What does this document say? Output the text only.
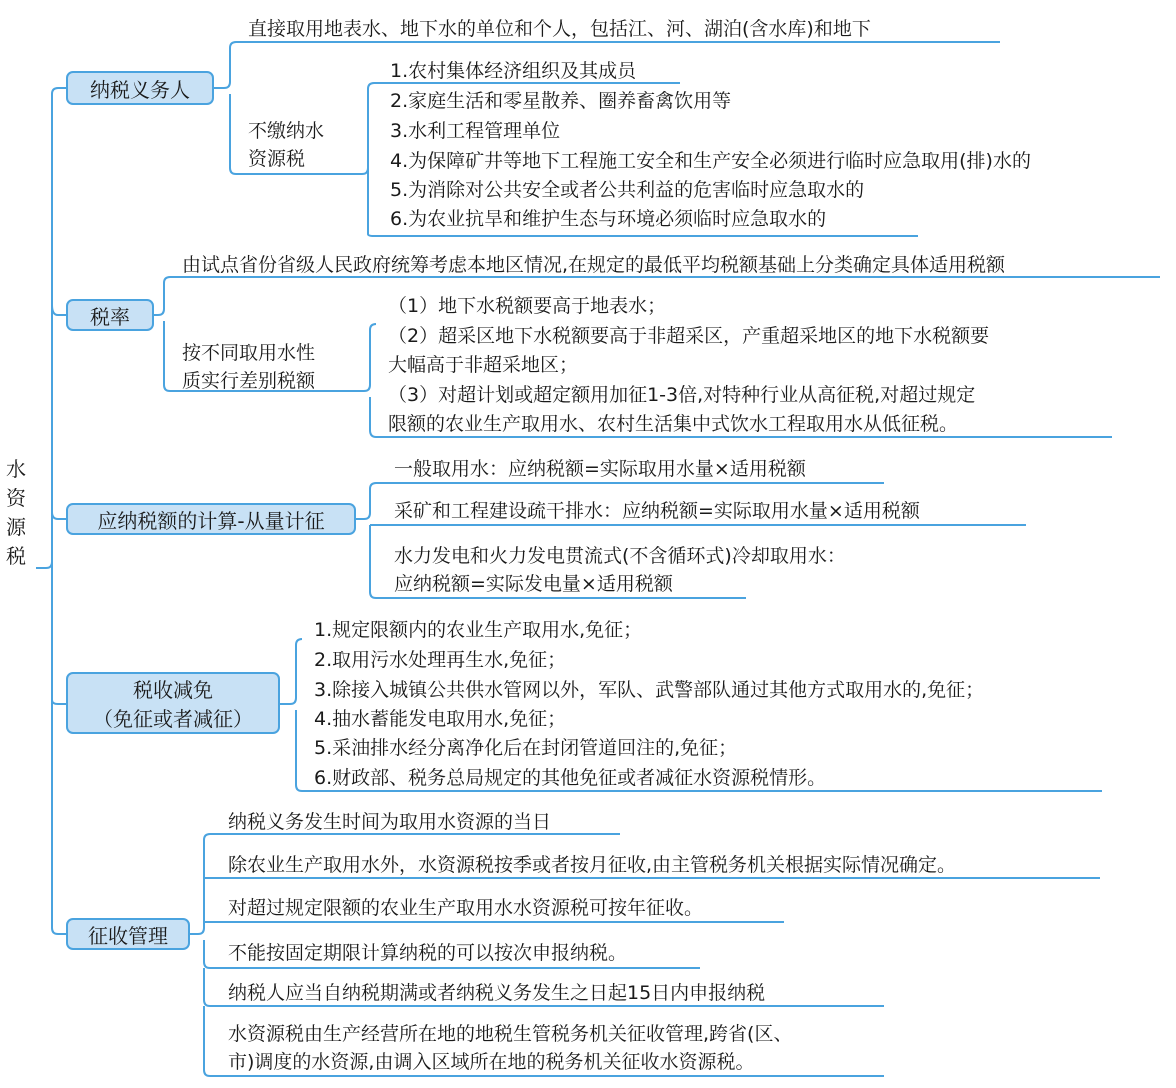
水
资
源
税
纳税义务人
直接取用地表水、地下水的单位和个人，包括江、河、湖泊(含水库)和地下
不缴纳水
资源税
1.农村集体经济组织及其成员
2.家庭生活和零星散养、圈养畜禽饮用等
3.水利工程管理单位
4.为保障矿井等地下工程施工安全和生产安全必须进行临时应急取用(排)水的
5.为消除对公共安全或者公共利益的危害临时应急取水的
6.为农业抗旱和维护生态与环境必须临时应急取水的
税率
由试点省份省级人民政府统筹考虑本地区情况,在规定的最低平均税额基础上分类确定具体适用税额
按不同取用水性
质实行差别税额
（1）地下水税额要高于地表水；
（2）超采区地下水税额要高于非超采区，产重超采地区的地下水税额要
大幅高于非超采地区；
（3）对超计划或超定额用加征1-3倍,对特种行业从高征税,对超过规定
限额的农业生产取用水、农村生活集中式饮水工程取用水从低征税。
应纳税额的计算-从量计征
一般取用水：应纳税额=实际取用水量×适用税额
采矿和工程建设疏干排水：应纳税额=实际取用水量×适用税额
水力发电和火力发电贯流式(不含循环式)冷却取用水：
应纳税额=实际发电量×适用税额
税收减免
（免征或者减征）
1.规定限额内的农业生产取用水,免征；
2.取用污水处理再生水,免征；
3.除接入城镇公共供水管网以外，军队、武警部队通过其他方式取用水的,免征；
4.抽水蓄能发电取用水,免征；
5.采油排水经分离净化后在封闭管道回注的,免征；
6.财政部、税务总局规定的其他免征或者减征水资源税情形。
征收管理
纳税义务发生时间为取用水资源的当日
除农业生产取用水外，水资源税按季或者按月征收,由主管税务机关根据实际情况确定。
对超过规定限额的农业生产取用水水资源税可按年征收。
不能按固定期限计算纳税的可以按次申报纳税。
纳税人应当自纳税期满或者纳税义务发生之日起15日内申报纳税
水资源税由生产经营所在地的地税生管税务机关征收管理,跨省(区、
市)调度的水资源,由调入区域所在地的税务机关征收水资源税。
